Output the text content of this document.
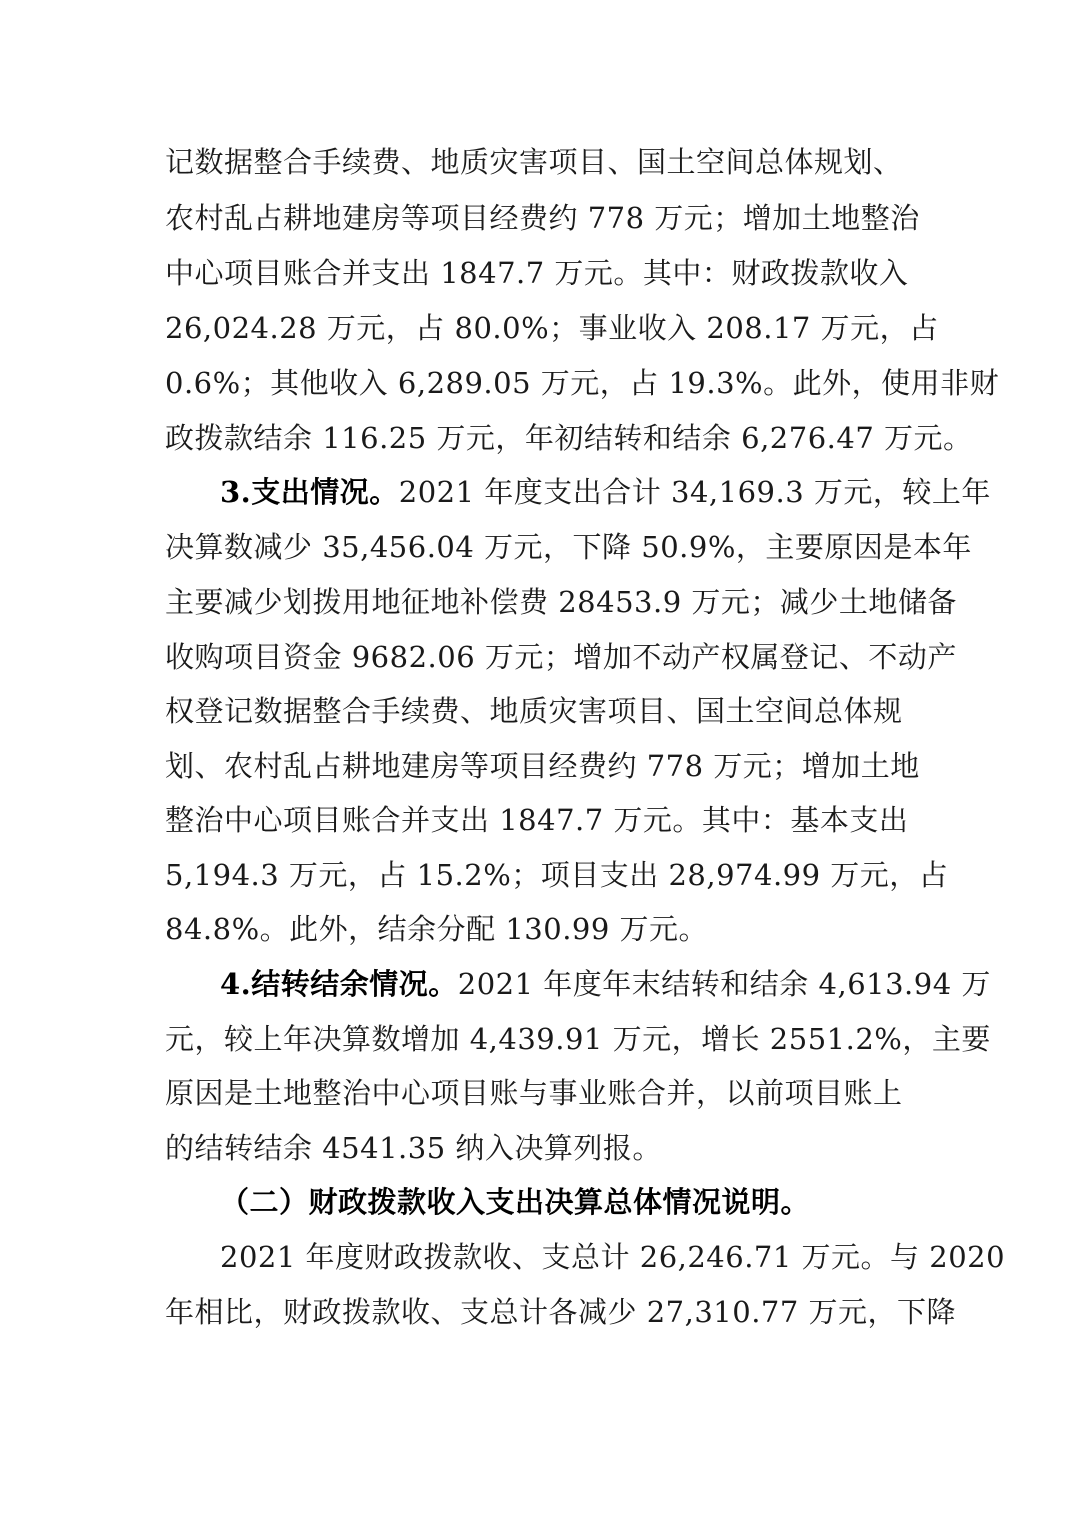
记数据整合手续费、地质灾害项目、国土空间总体规划、
农村乱占耕地建房等项目经费约 778 万元；增加土地整治
中心项目账合并支出 1847.7 万元。其中：财政拨款收入
26,024.28 万元，占 80.0%；事业收入 208.17 万元，占
0.6%；其他收入 6,289.05 万元，占 19.3%。此外，使用非财
政拨款结余 116.25 万元，年初结转和结余 6,276.47 万元。
3.支出情况。2021 年度支出合计 34,169.3 万元，较上年
决算数减少 35,456.04 万元，下降 50.9%，主要原因是本年
主要减少划拨用地征地补偿费 28453.9 万元；减少土地储备
收购项目资金 9682.06 万元；增加不动产权属登记、不动产
权登记数据整合手续费、地质灾害项目、国土空间总体规
划、农村乱占耕地建房等项目经费约 778 万元；增加土地
整治中心项目账合并支出 1847.7 万元。其中：基本支出
5,194.3 万元，占 15.2%；项目支出 28,974.99 万元，占
84.8%。此外，结余分配 130.99 万元。
4.结转结余情况。2021 年度年末结转和结余 4,613.94 万
元，较上年决算数增加 4,439.91 万元，增长 2551.2%，主要
原因是土地整治中心项目账与事业账合并，以前项目账上
的结转结余 4541.35 纳入决算列报。
（二）财政拨款收入支出决算总体情况说明。
2021 年度财政拨款收、支总计 26,246.71 万元。与 2020
年相比，财政拨款收、支总计各减少 27,310.77 万元，下降
